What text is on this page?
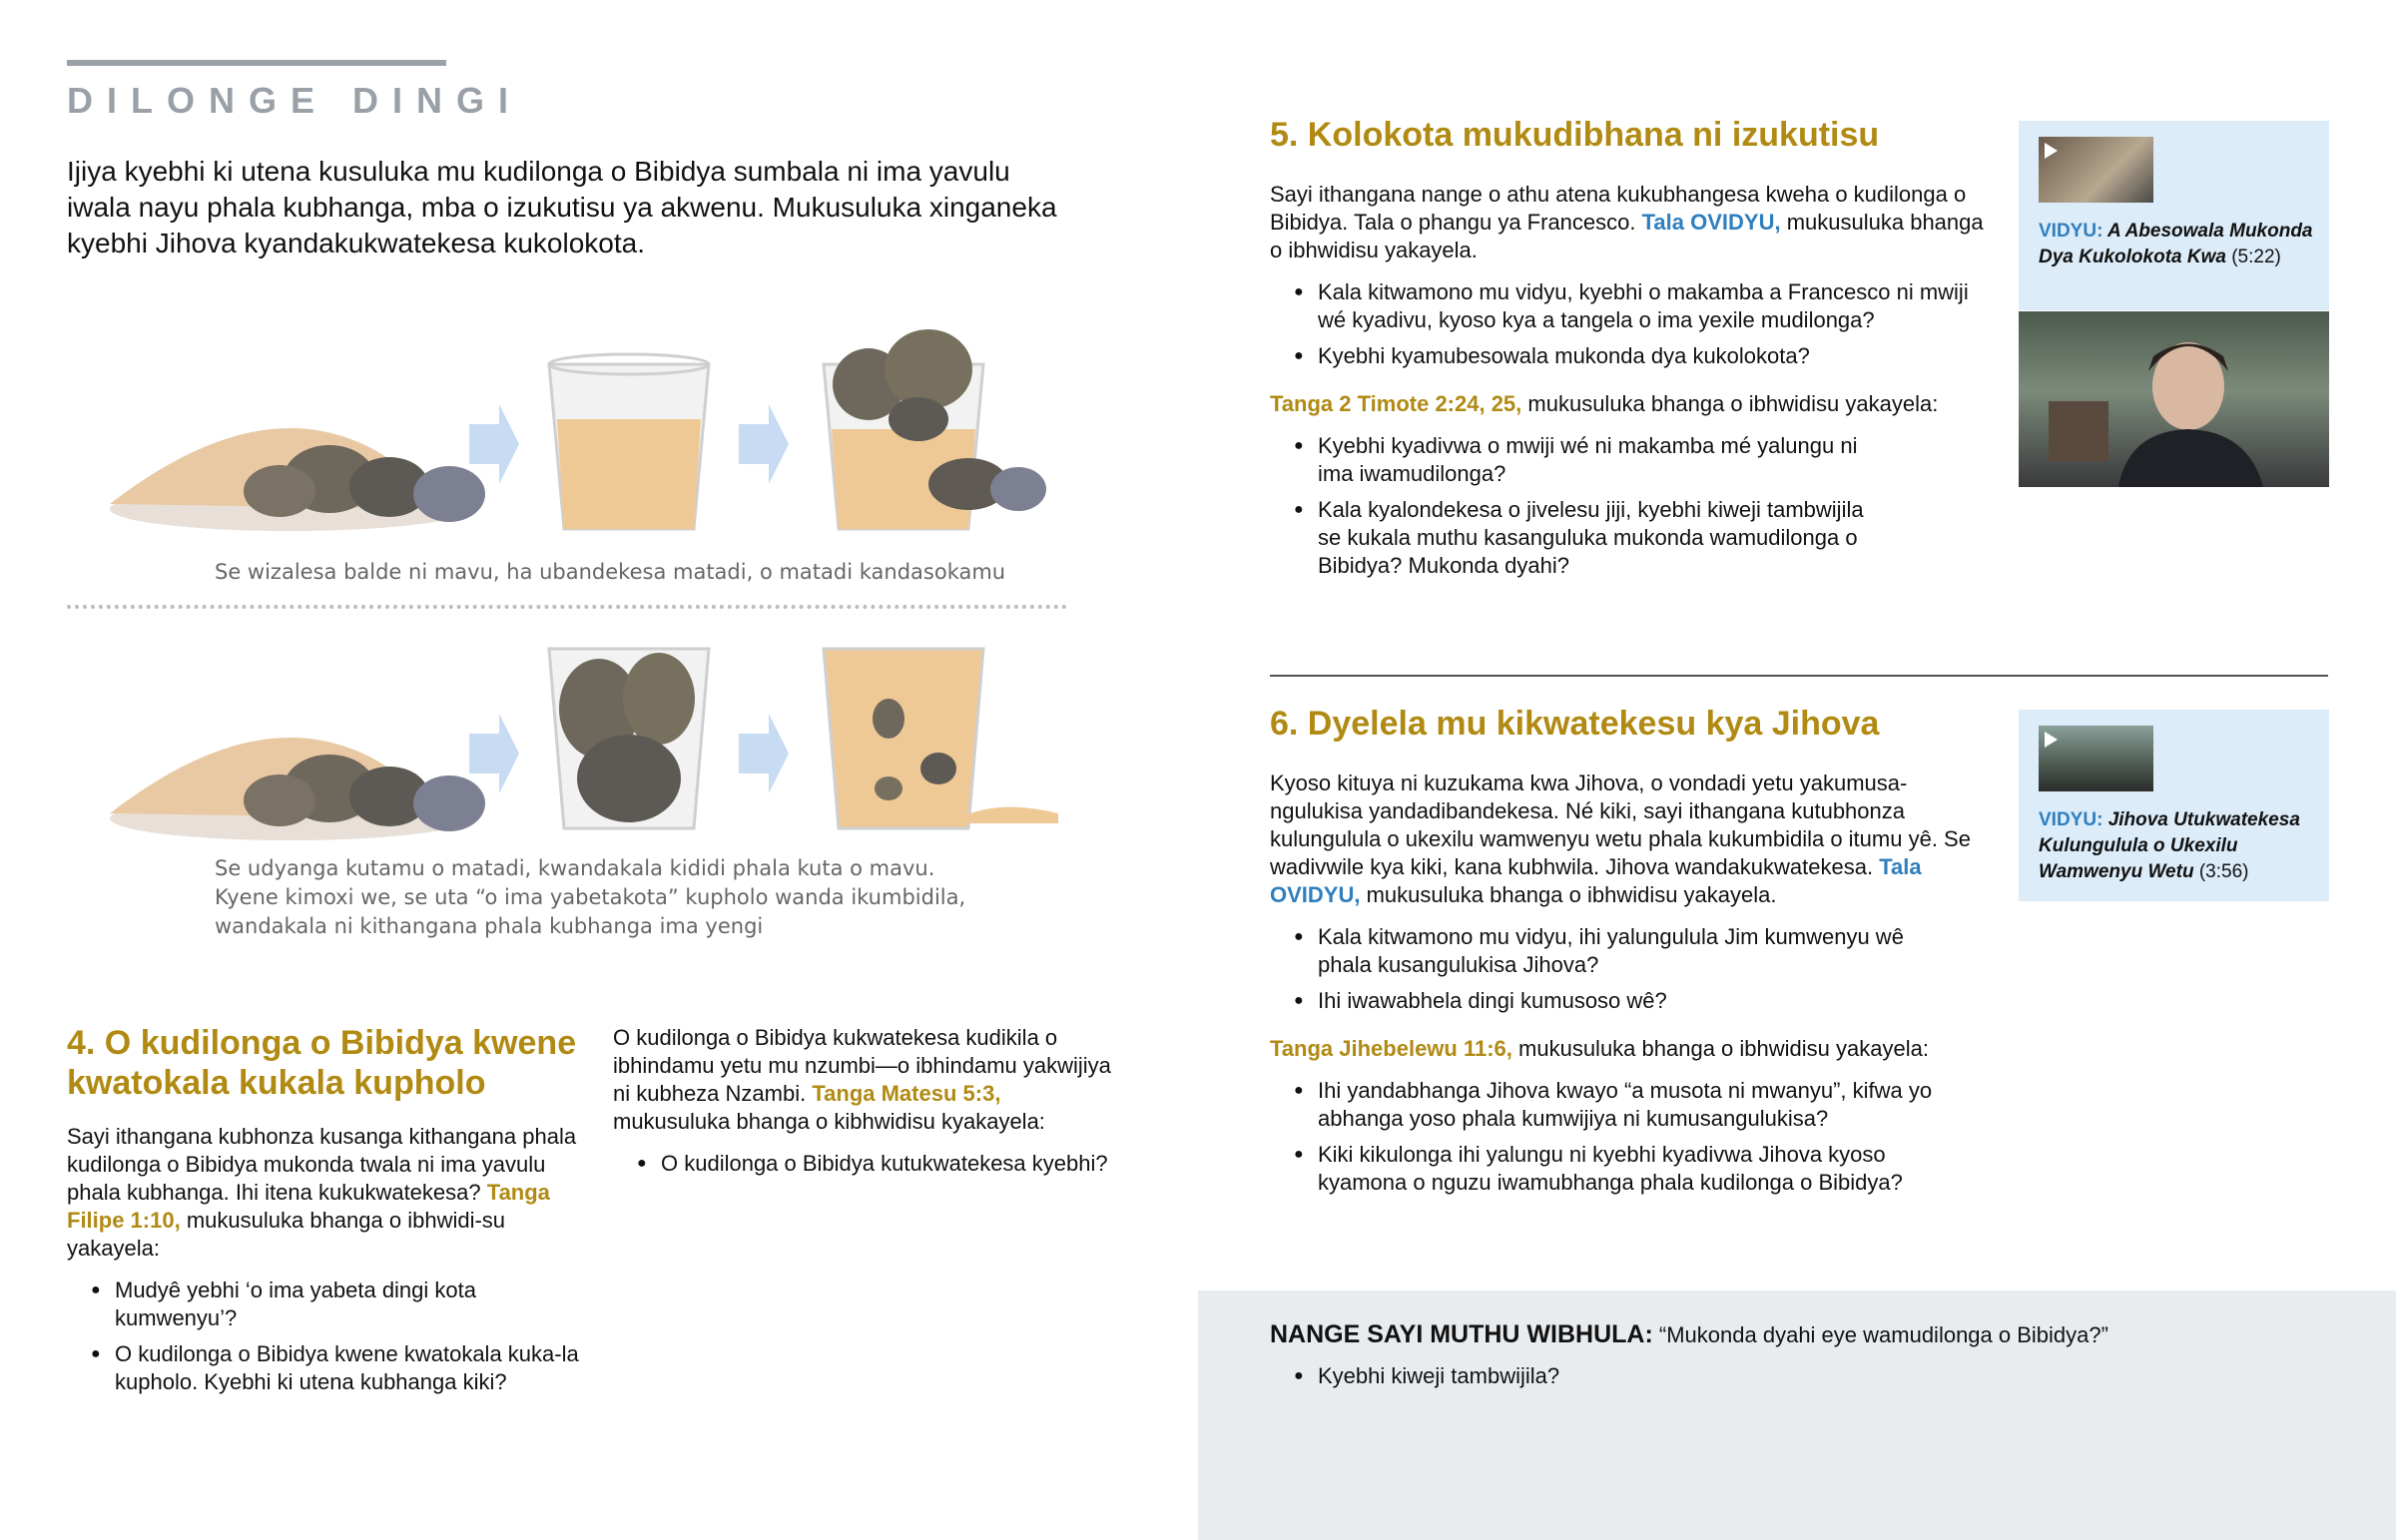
DILONGE DINGI
Ijiya kyebhi ki utena kusuluka mu kudilonga o Bibidya sumbala ni ima yavulu iwala nayu phala kubhanga, mba o izukutisu ya akwenu. Mukusuluka xinganeka kyebhi Jihova kyandakukwatekesa kukolokota.
Se wizalesa balde ni mavu, ha ubandekesa matadi, o matadi kandasokamu
Se udyanga kutamu o matadi, kwandakala kididi phala kuta o mavu.
Kyene kimoxi we, se uta “o ima yabetakota” kupholo wanda ikumbidila,
wandakala ni kithangana phala kubhanga ima yengi
4. O kudilonga o Bibidya kwene
kwatokala kukala kupholo

Sayi ithangana kubhonza kusanga kithangana phala kudilonga o Bibidya mukonda twala ni ima yavulu phala kubhanga. Ihi itena kukukwatekesa? Tanga Filipe 1:10, mukusuluka bhanga o ibhwidi-su yakayela:

● Mudyê yebhi ‘o ima yabeta dingi kota kumwenyu’?
● O kudilonga o Bibidya kwene kwatokala kuka-la kupholo. Kyebhi ki utena kubhanga kiki?

O kudilonga o Bibidya kukwatekesa kudikila o ibhindamu yetu mu nzumbi—o ibhindamu yakwijiya ni kubheza Nzambi. Tanga Matesu 5:3, mukusuluka bhanga o kibhwidisu kyakayela:

● O kudilonga o Bibidya kutukwatekesa kyebhi?
5. Kolokota mukudibhana ni izukutisu

Sayi ithangana nange o athu atena kukubhangesa kweha o kudilonga o Bibidya. Tala o phangu ya Francesco. Tala OVIDYU, mukusuluka bhanga o ibhwidisu yakayela.

● Kala kitwamono mu vidyu, kyebhi o makamba a Francesco ni mwiji wé kyadivu, kyoso kya a tangela o ima yexile mudilonga?
● Kyebhi kyamubesowala mukonda dya kukolokota?

Tanga 2 Timote 2:24, 25, mukusuluka bhanga o ibhwidisu yakayela:

● Kyebhi kyadivwa o mwiji wé ni makamba mé yalungu ni ima iwamudilonga?
● Kala kyalondekesa o jivelesu jiji, kyebhi kiweji tambwijila se kukala muthu kasanguluka mukonda wamudilonga o Bibidya? Mukonda dyahi?
VIDYU: A Abesowala Mukonda Dya Kukolokota Kwa (5:22)
6. Dyelela mu kikwatekesu kya Jihova

Kyoso kituya ni kuzukama kwa Jihova, o vondadi yetu yakumusa-ngulukisa yandadibandekesa. Né kiki, sayi ithangana kutubhonza kulungulula o ukexilu wamwenyu wetu phala kukumbidila o itumu yê. Se wadivwile kya kiki, kana kubhwila. Jihova wandakukwatekesa. Tala OVIDYU, mukusuluka bhanga o ibhwidisu yakayela.

● Kala kitwamono mu vidyu, ihi yalungulula Jim kumwenyu wê phala kusangulukisa Jihova?
● Ihi iwawabhela dingi kumusoso wê?

Tanga Jihebelewu 11:6, mukusuluka bhanga o ibhwidisu yakayela:

● Ihi yandabhanga Jihova kwayo “a musota ni mwanyu”, kifwa yo abhanga yoso phala kumwijiya ni kumusangulukisa?
● Kiki kikulonga ihi yalungu ni kyebhi kyadivwa Jihova kyoso kyamona o nguzu iwamubhanga phala kudilonga o Bibidya?
VIDYU: Jihova Utukwatekesa Kulungulula o Ukexilu Wamwenyu Wetu (3:56)
NANGE SAYI MUTHU WIBHULA: “Mukonda dyahi eye wamudilonga o Bibidya?”
● Kyebhi kiweji tambwijila?
